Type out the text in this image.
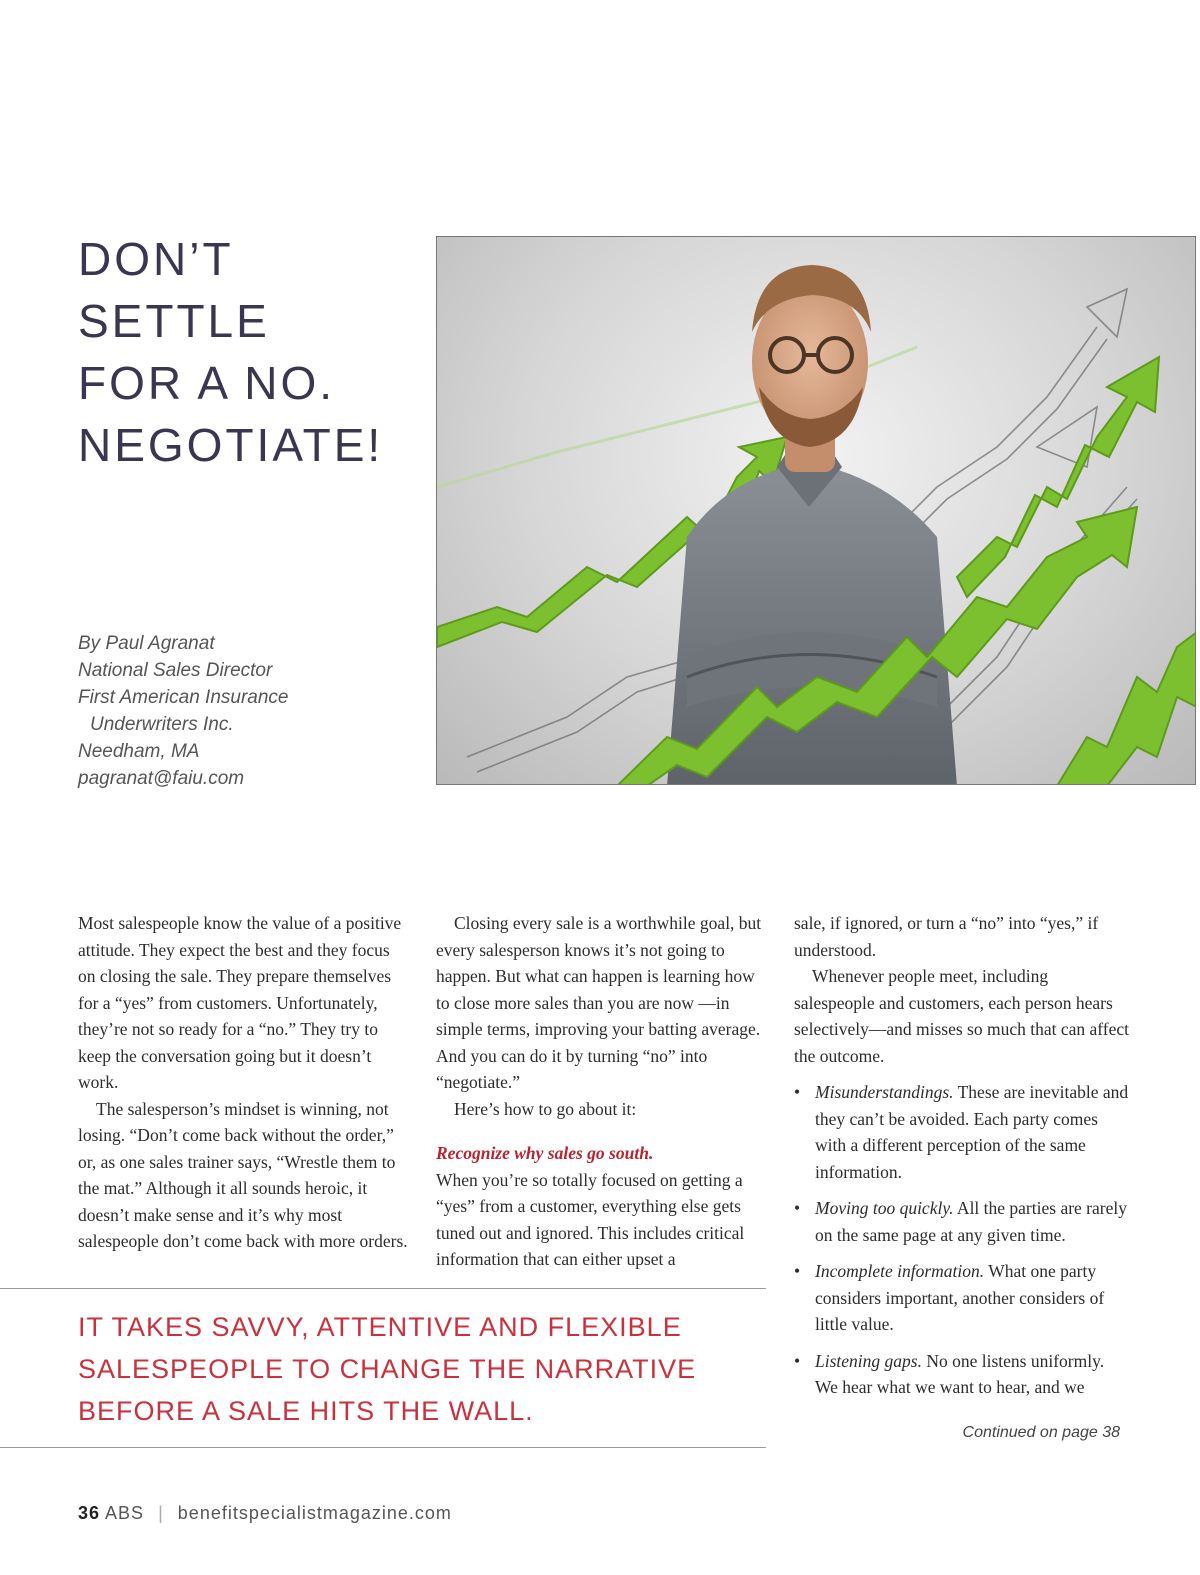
DON’T
SETTLE
FOR A NO.
NEGOTIATE!
By Paul Agranat
National Sales Director
First American Insurance
Underwriters Inc.
Needham, MA
pagranat@faiu.com

Most salespeople know the value of a positive attitude. They expect the best and they focus on closing the sale. They prepare themselves for a “yes” from customers. Unfortunately, they’re not so ready for a “no.” They try to keep the conversation going but it doesn’t work.

The salesperson’s mindset is winning, not losing. “Don’t come back without the order,” or, as one sales trainer says, “Wrestle them to the mat.” Although it all sounds heroic, it doesn’t make sense and it’s why most salespeople don’t come back with more orders.

Closing every sale is a worthwhile goal, but every salesperson knows it’s not going to happen. But what can happen is learning how to close more sales than you are now —in simple terms, improving your batting average. And you can do it by turning “no” into “negotiate.”

Here’s how to go about it:

Recognize why sales go south.

When you’re so totally focused on getting a “yes” from a customer, everything else gets tuned out and ignored. This includes critical information that can either upset a

sale, if ignored, or turn a “no” into “yes,” if understood.

Whenever people meet, including salespeople and customers, each person hears selectively—and misses so much that can affect the outcome.

• Misunderstandings. These are inevitable and they can’t be avoided. Each party comes with a different perception of the same information.
• Moving too quickly. All the parties are rarely on the same page at any given time.
• Incomplete information. What one party considers important, another considers of little value.
• Listening gaps. No one listens uniformly. We hear what we want to hear, and we
Continued on page 38

IT TAKES SAVVY, ATTENTIVE AND FLEXIBLE
SALESPEOPLE TO CHANGE THE NARRATIVE
BEFORE A SALE HITS THE WALL.

36 ABS | benefitspecialistmagazine.com
